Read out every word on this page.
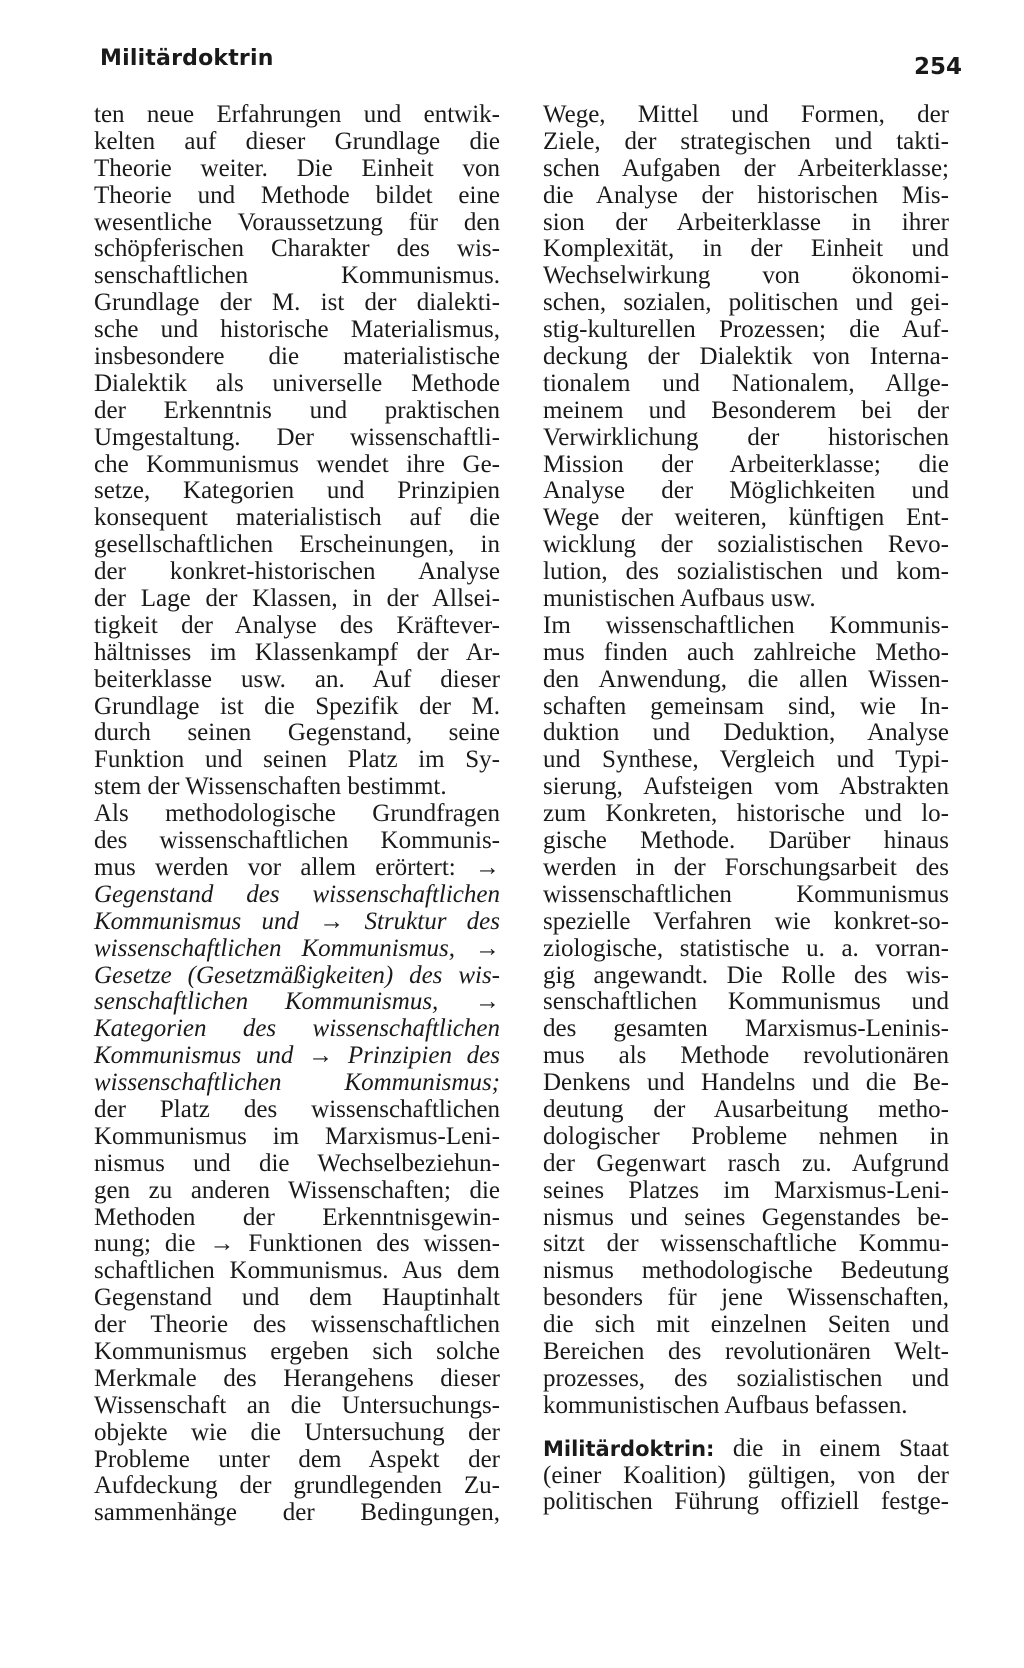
Militärdoktrin	254
ten neue Erfahrungen und entwik-
kelten auf dieser Grundlage die
Theorie weiter. Die Einheit von
Theorie und Methode bildet eine
wesentliche Voraussetzung für den
schöpferischen Charakter des wis-
senschaftlichen Kommunismus.
Grundlage der M. ist der dialekti-
sche und historische Materialismus,
insbesondere die materialistische
Dialektik als universelle Methode
der Erkenntnis und praktischen
Umgestaltung. Der wissenschaftli-
che Kommunismus wendet ihre Ge-
setze, Kategorien und Prinzipien
konsequent materialistisch auf die
gesellschaftlichen Erscheinungen, in
der konkret-historischen Analyse
der Lage der Klassen, in der Allsei-
tigkeit der Analyse des Kräftever-
hältnisses im Klassenkampf der Ar-
beiterklasse usw. an. Auf dieser
Grundlage ist die Spezifik der M.
durch seinen Gegenstand, seine
Funktion und seinen Platz im Sy-
stem der Wissenschaften bestimmt.
Als methodologische Grundfragen
des wissenschaftlichen Kommunis-
mus werden vor allem erörtert: →
Gegenstand des wissenschaftlichen
Kommunismus und → Struktur des
wissenschaftlichen Kommunismus, →
Gesetze (Gesetzmäßigkeiten) des wis-
senschaftlichen Kommunismus, →
Kategorien des wissenschaftlichen
Kommunismus und → Prinzipien des
wissenschaftlichen Kommunismus;
der Platz des wissenschaftlichen
Kommunismus im Marxismus-Leni-
nismus und die Wechselbeziehun-
gen zu anderen Wissenschaften; die
Methoden der Erkenntnisgewin-
nung; die → Funktionen des wissen-
schaftlichen Kommunismus. Aus dem
Gegenstand und dem Hauptinhalt
der Theorie des wissenschaftlichen
Kommunismus ergeben sich solche
Merkmale des Herangehens dieser
Wissenschaft an die Untersuchungs-
objekte wie die Untersuchung der
Probleme unter dem Aspekt der
Aufdeckung der grundlegenden Zu-
sammenhänge der Bedingungen,
Wege, Mittel und Formen, der
Ziele, der strategischen und takti-
schen Aufgaben der Arbeiterklasse;
die Analyse der historischen Mis-
sion der Arbeiterklasse in ihrer
Komplexität, in der Einheit und
Wechselwirkung von ökonomi-
schen, sozialen, politischen und gei-
stig-kulturellen Prozessen; die Auf-
deckung der Dialektik von Interna-
tionalem und Nationalem, Allge-
meinem und Besonderem bei der
Verwirklichung der historischen
Mission der Arbeiterklasse; die
Analyse der Möglichkeiten und
Wege der weiteren, künftigen Ent-
wicklung der sozialistischen Revo-
lution, des sozialistischen und kom-
munistischen Aufbaus usw.
Im wissenschaftlichen Kommunis-
mus finden auch zahlreiche Metho-
den Anwendung, die allen Wissen-
schaften gemeinsam sind, wie In-
duktion und Deduktion, Analyse
und Synthese, Vergleich und Typi-
sierung, Aufsteigen vom Abstrakten
zum Konkreten, historische und lo-
gische Methode. Darüber hinaus
werden in der Forschungsarbeit des
wissenschaftlichen Kommunismus
spezielle Verfahren wie konkret-so-
ziologische, statistische u. a. vorran-
gig angewandt. Die Rolle des wis-
senschaftlichen Kommunismus und
des gesamten Marxismus-Leninis-
mus als Methode revolutionären
Denkens und Handelns und die Be-
deutung der Ausarbeitung metho-
dologischer Probleme nehmen in
der Gegenwart rasch zu. Aufgrund
seines Platzes im Marxismus-Leni-
nismus und seines Gegenstandes be-
sitzt der wissenschaftliche Kommu-
nismus methodologische Bedeutung
besonders für jene Wissenschaften,
die sich mit einzelnen Seiten und
Bereichen des revolutionären Welt-
prozesses, des sozialistischen und
kommunistischen Aufbaus befassen.
Militärdoktrin: die in einem Staat
(einer Koalition) gültigen, von der
politischen Führung offiziell festge-
